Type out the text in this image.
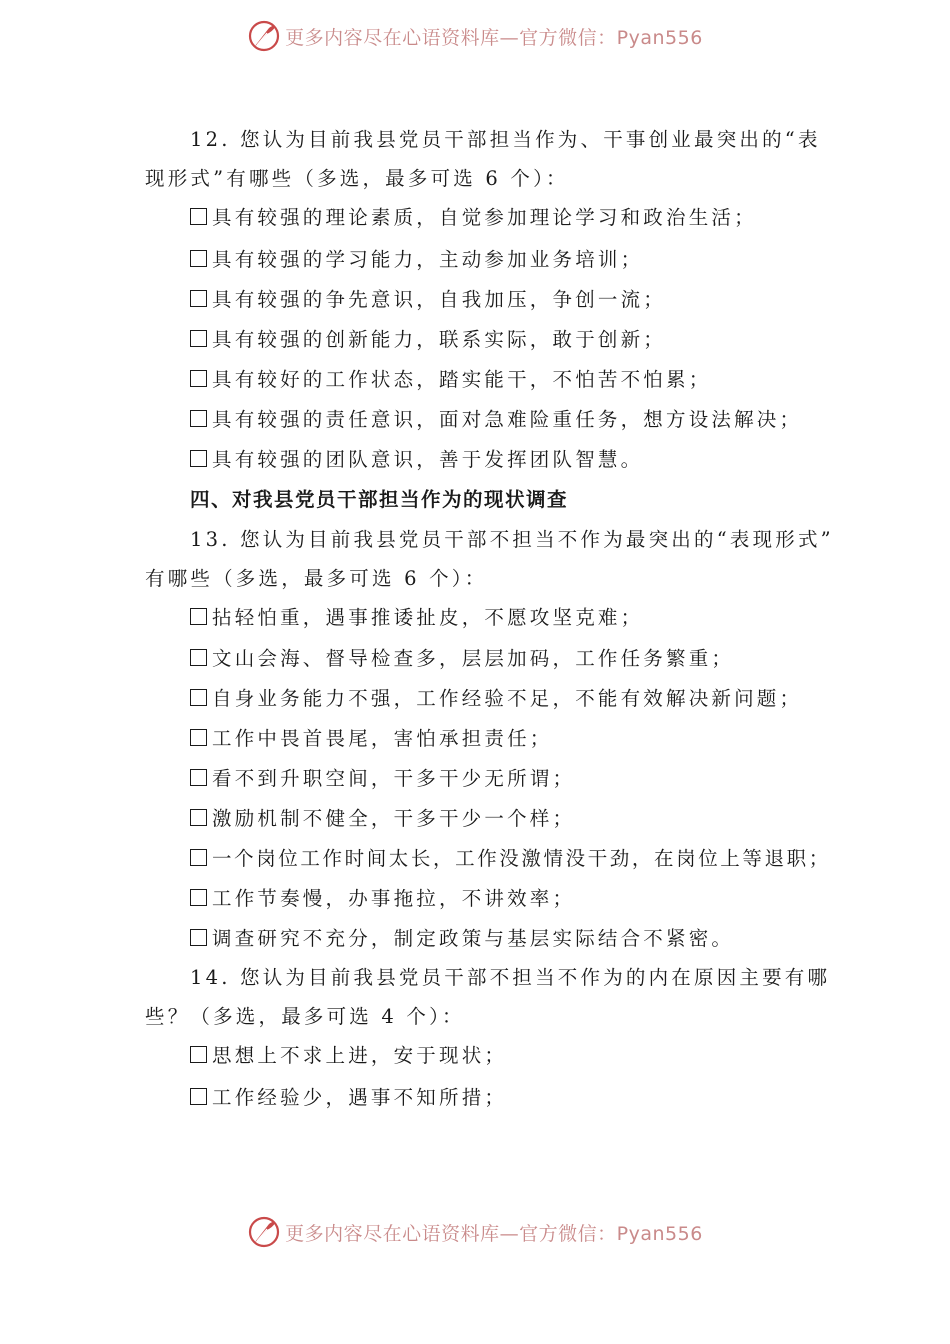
更多内容尽在心语资料库—官方微信：Pyan556
12. 您认为目前我县党员干部担当作为、干事创业最突出的“表
现形式”有哪些（多选，最多可选 6 个）：
具有较强的理论素质，自觉参加理论学习和政治生活；
具有较强的学习能力，主动参加业务培训；
具有较强的争先意识，自我加压，争创一流；
具有较强的创新能力，联系实际，敢于创新；
具有较好的工作状态，踏实能干，不怕苦不怕累；
具有较强的责任意识，面对急难险重任务，想方设法解决；
具有较强的团队意识，善于发挥团队智慧。
四、对我县党员干部担当作为的现状调查
13. 您认为目前我县党员干部不担当不作为最突出的“表现形式”
有哪些（多选，最多可选 6 个）：
拈轻怕重，遇事推诿扯皮，不愿攻坚克难；
文山会海、督导检查多，层层加码，工作任务繁重；
自身业务能力不强，工作经验不足，不能有效解决新问题；
工作中畏首畏尾，害怕承担责任；
看不到升职空间，干多干少无所谓；
激励机制不健全，干多干少一个样；
一个岗位工作时间太长，工作没激情没干劲，在岗位上等退职；
工作节奏慢，办事拖拉，不讲效率；
调查研究不充分，制定政策与基层实际结合不紧密。
14. 您认为目前我县党员干部不担当不作为的内在原因主要有哪
些？（多选，最多可选 4 个）：
思想上不求上进，安于现状；
工作经验少，遇事不知所措；
更多内容尽在心语资料库—官方微信：Pyan556
